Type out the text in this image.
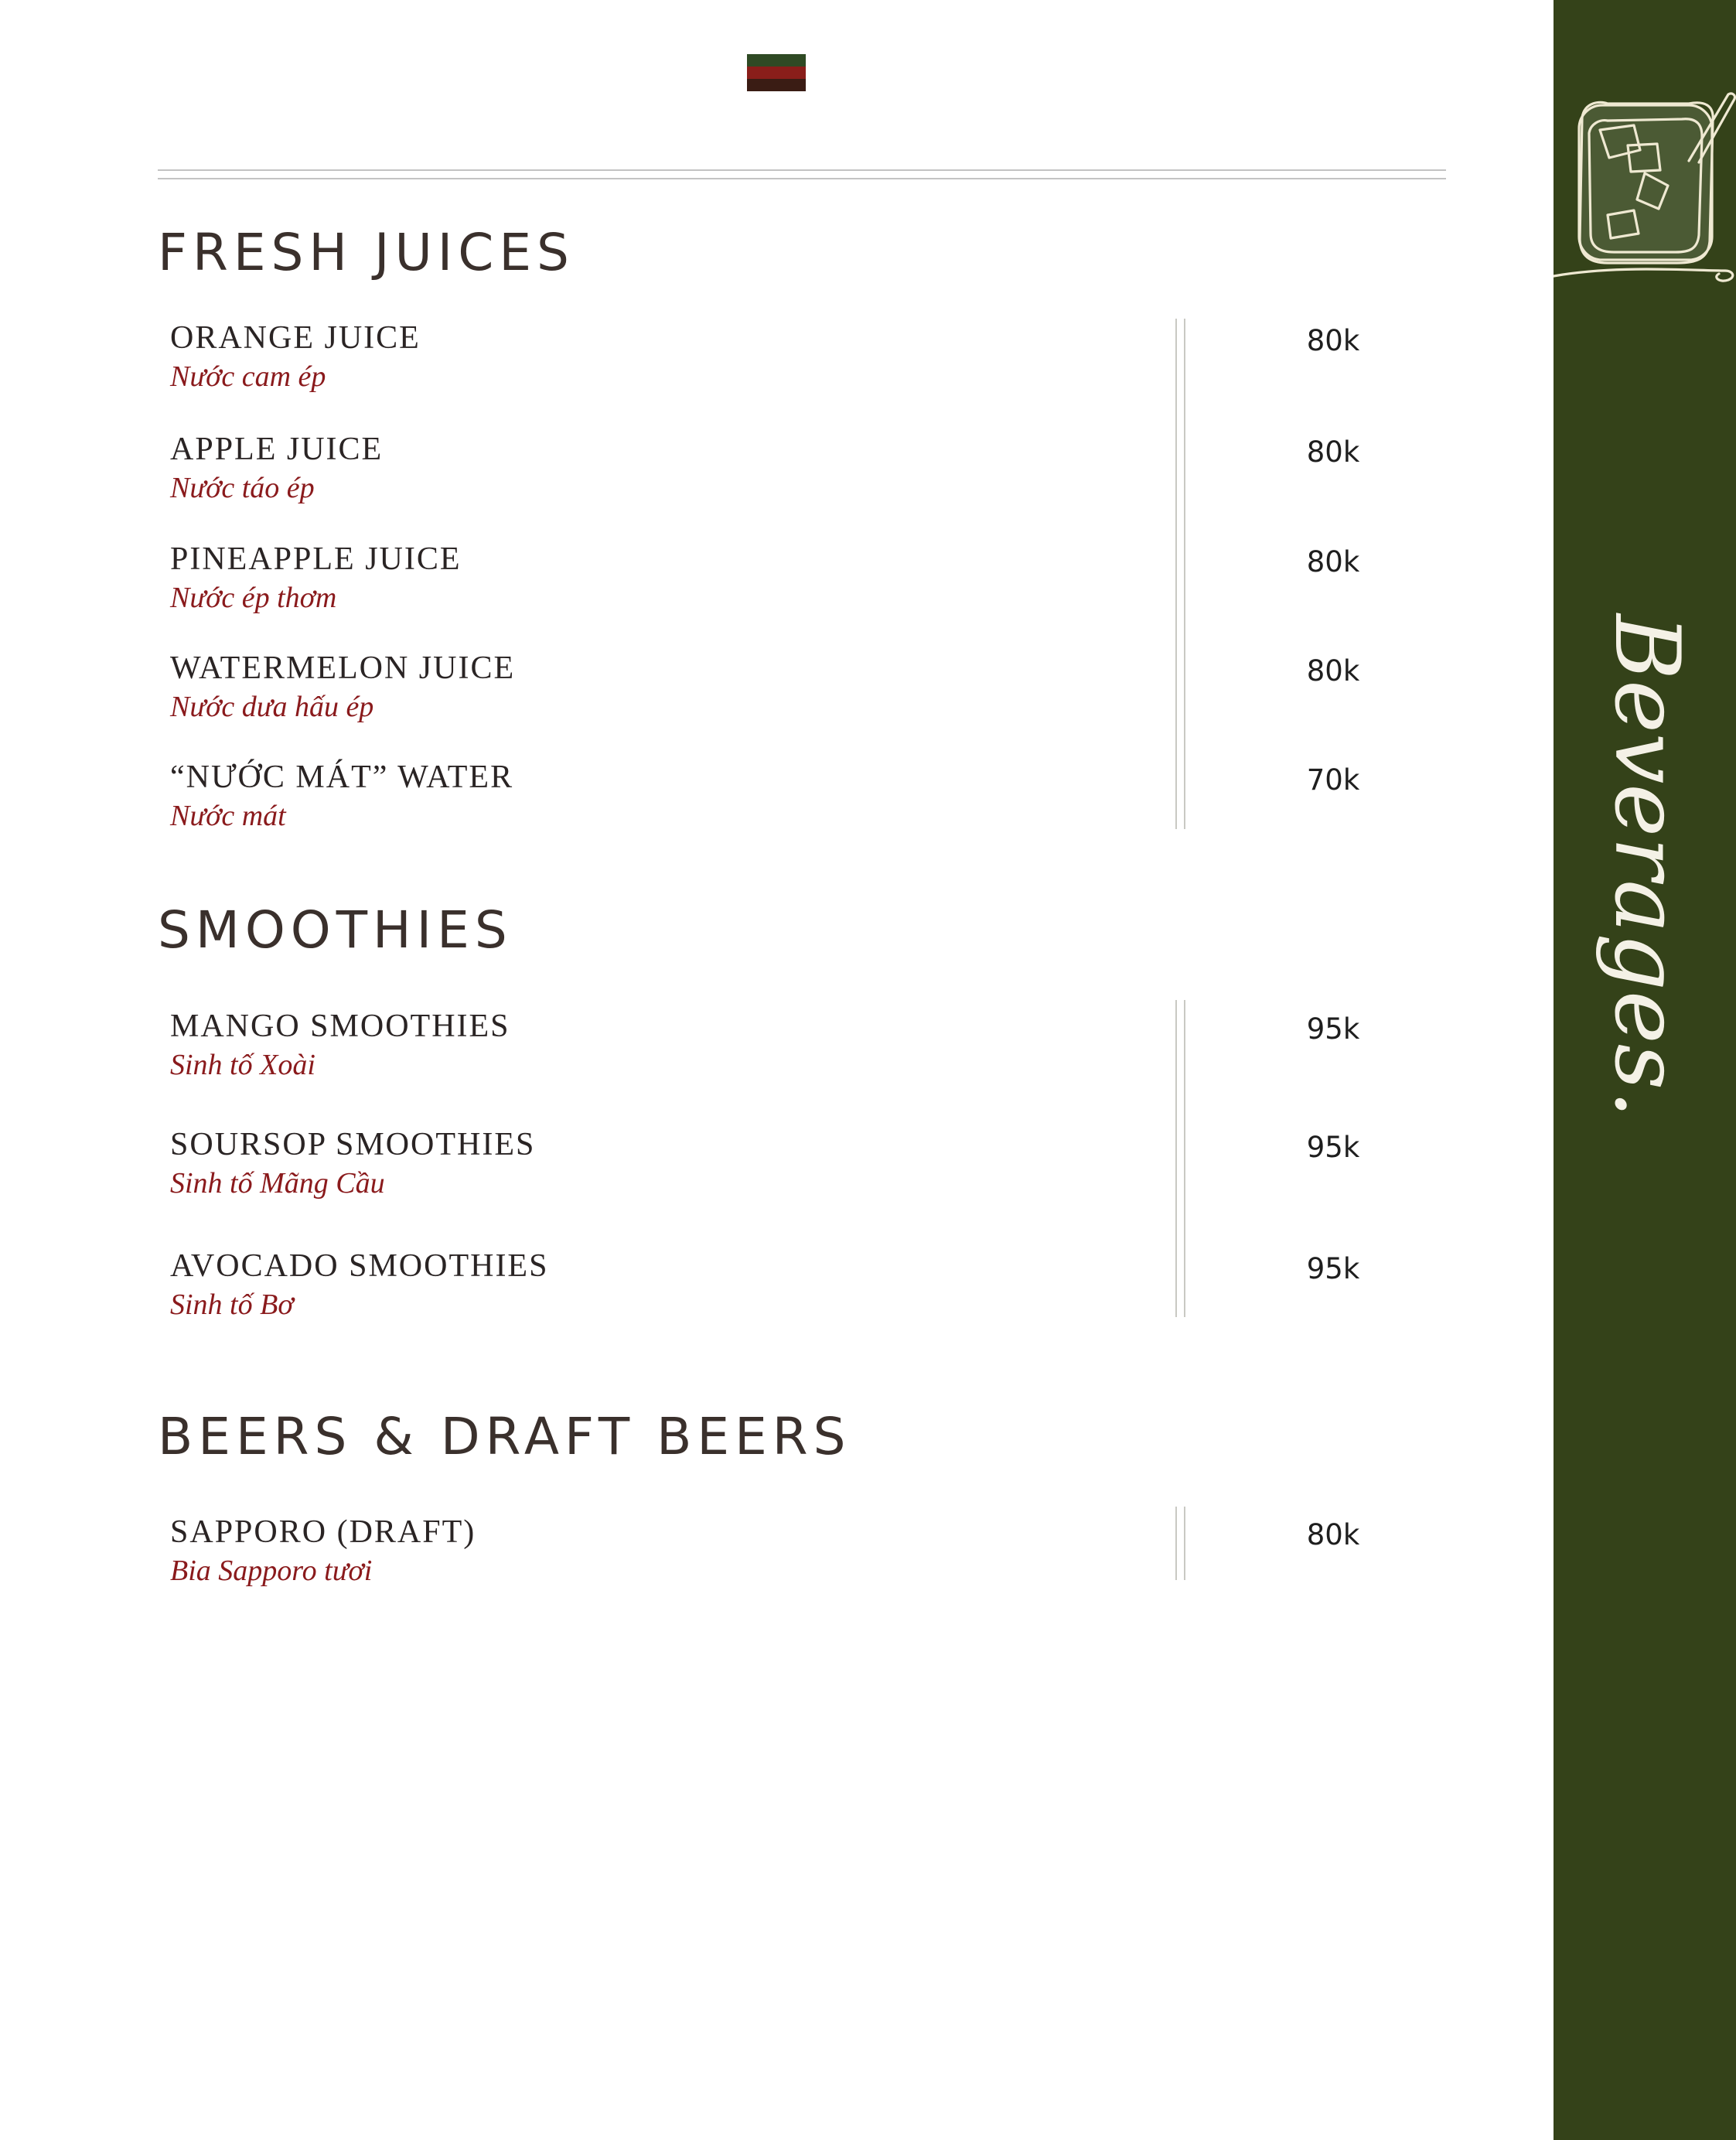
FRESH JUICES
ORANGE JUICE
Nước cam ép
80k
APPLE JUICE
Nước táo ép
80k
PINEAPPLE JUICE
Nước ép thơm
80k
WATERMELON JUICE
Nước dưa hấu ép
80k
“NƯỚC MÁT” WATER
Nước mát
70k
SMOOTHIES
MANGO SMOOTHIES
Sinh tố Xoài
95k
SOURSOP SMOOTHIES
Sinh tố Mãng Cầu
95k
AVOCADO SMOOTHIES
Sinh tố Bơ
95k
BEERS & DRAFT BEERS
SAPPORO (DRAFT)
Bia Sapporo tươi
80k
Beverages.
